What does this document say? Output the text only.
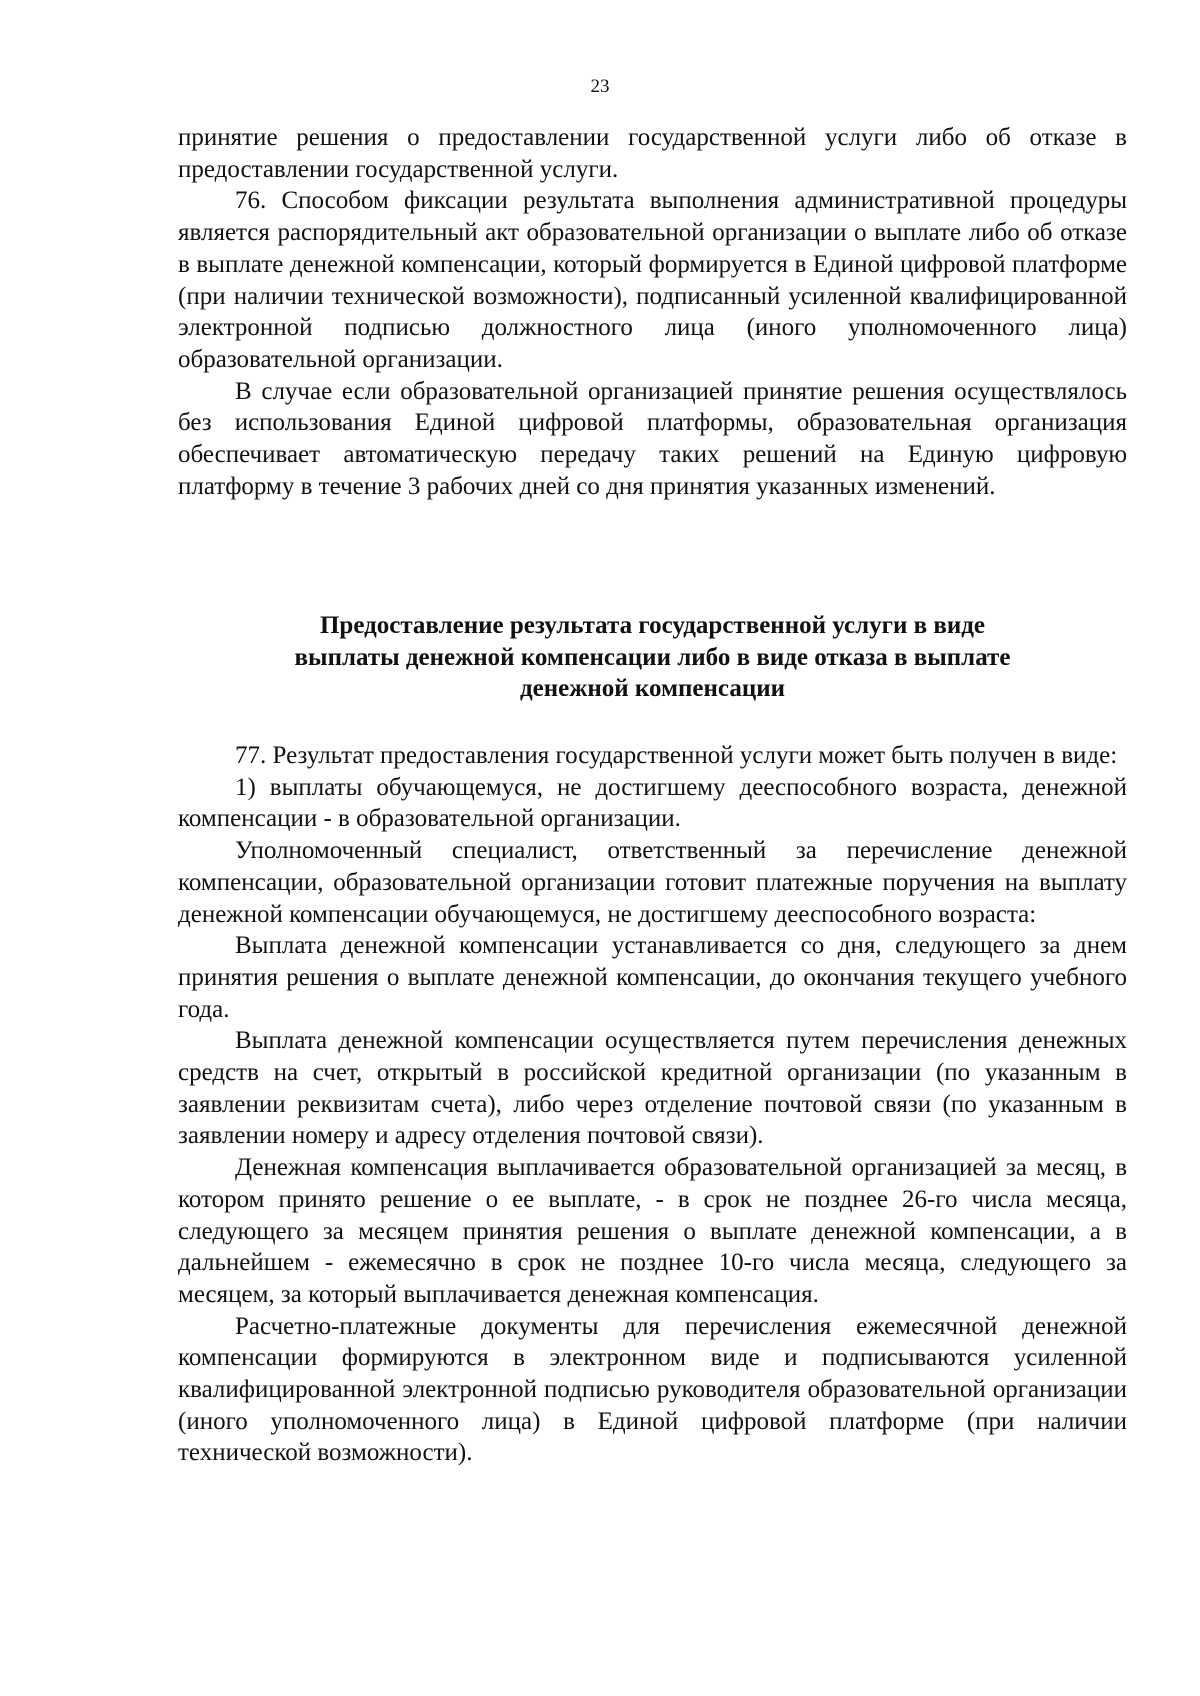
23

принятие решения о предоставлении государственной услуги либо об отказе в предоставлении государственной услуги.

76. Способом фиксации результата выполнения административной процедуры является распорядительный акт образовательной организации о выплате либо об отказе в выплате денежной компенсации, который формируется в Единой цифровой платформе (при наличии технической возможности), подписанный усиленной квалифицированной электронной подписью должностного лица (иного уполномоченного лица) образовательной организации.

В случае если образовательной организацией принятие решения осуществлялось без использования Единой цифровой платформы, образовательная организация обеспечивает автоматическую передачу таких решений на Единую цифровую платформу в течение 3 рабочих дней со дня принятия указанных изменений.

Предоставление результата государственной услуги в виде
выплаты денежной компенсации либо в виде отказа в выплате
денежной компенсации

77. Результат предоставления государственной услуги может быть получен в виде:

1) выплаты обучающемуся, не достигшему дееспособного возраста, денежной компенсации - в образовательной организации.

Уполномоченный специалист, ответственный за перечисление денежной компенсации, образовательной организации готовит платежные поручения на выплату денежной компенсации обучающемуся, не достигшему дееспособного возраста:

Выплата денежной компенсации устанавливается со дня, следующего за днем принятия решения о выплате денежной компенсации, до окончания текущего учебного года.

Выплата денежной компенсации осуществляется путем перечисления денежных средств на счет, открытый в российской кредитной организации (по указанным в заявлении реквизитам счета), либо через отделение почтовой связи (по указанным в заявлении номеру и адресу отделения почтовой связи).

Денежная компенсация выплачивается образовательной организацией за месяц, в котором принято решение о ее выплате, - в срок не позднее 26-го числа месяца, следующего за месяцем принятия решения о выплате денежной компенсации, а в дальнейшем - ежемесячно в срок не позднее 10-го числа месяца, следующего за месяцем, за который выплачивается денежная компенсация.

Расчетно-платежные документы для перечисления ежемесячной денежной компенсации формируются в электронном виде и подписываются усиленной квалифицированной электронной подписью руководителя образовательной организации (иного уполномоченного лица) в Единой цифровой платформе (при наличии технической возможности).
